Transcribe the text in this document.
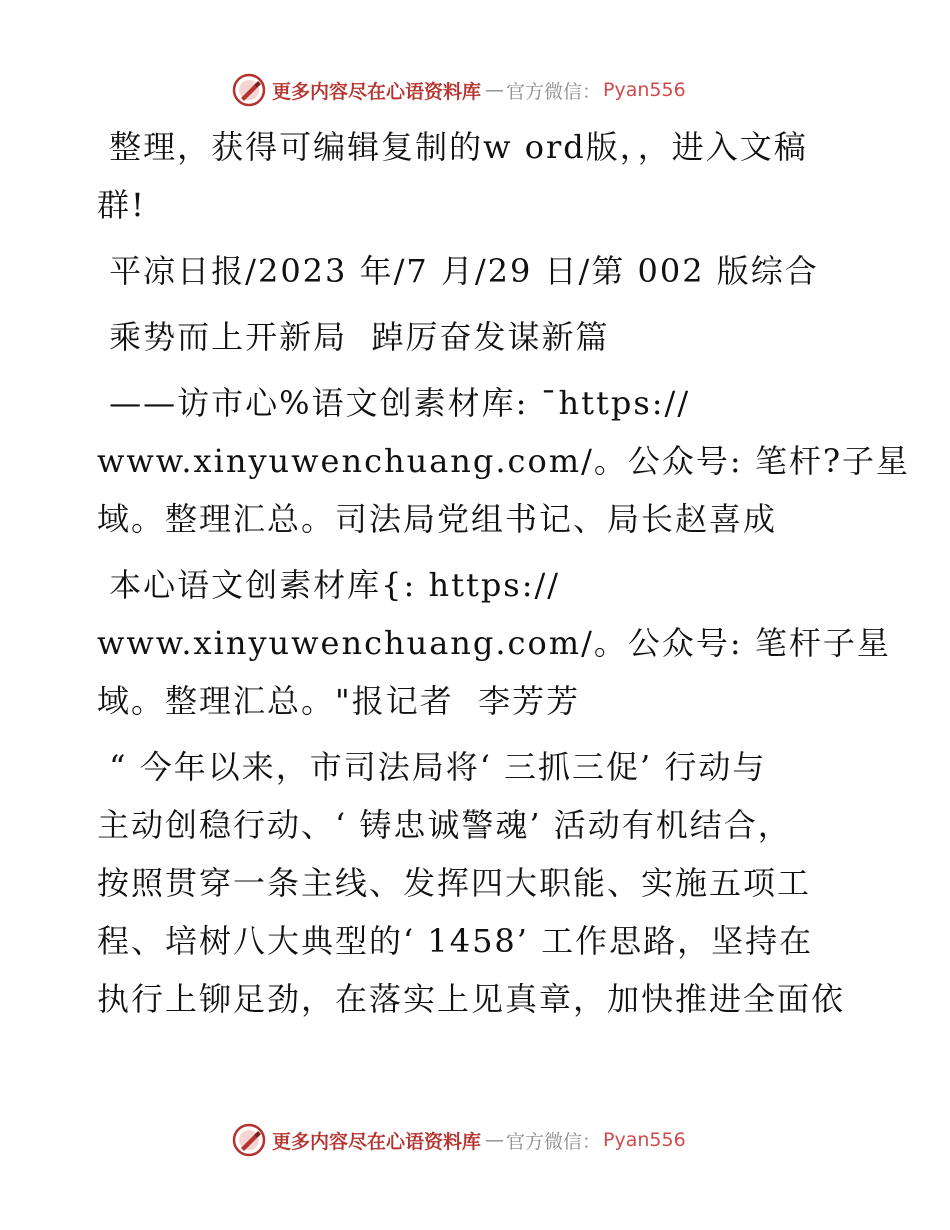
更多内容尽在心语资料库 — 官方微信： Pyan556
整理，获得可编辑复制的w ord版，，进入文稿
群!
平凉日报/2023 年/7 月/29 日/第 002 版综合
乘势而上开新局  踔厉奋发谋新篇
——访市心%语文创素材库: ¯https://
www.xinyuwenchuang.com/。公众号: 笔杆?子星
域。整理汇总。司法局党组书记、局长赵喜成
本心语文创素材库{: https://
www.xinyuwenchuang.com/。公众号: 笔杆子星
域。整理汇总。"报记者  李芳芳
“ 今年以来，市司法局将‘ 三抓三促’ 行动与
主动创稳行动、‘ 铸忠诚警魂’ 活动有机结合，
按照贯穿一条主线、发挥四大职能、实施五项工
程、培树八大典型的‘ 1458’ 工作思路，坚持在
执行上铆足劲，在落实上见真章，加快推进全面依
更多内容尽在心语资料库 — 官方微信： Pyan556
